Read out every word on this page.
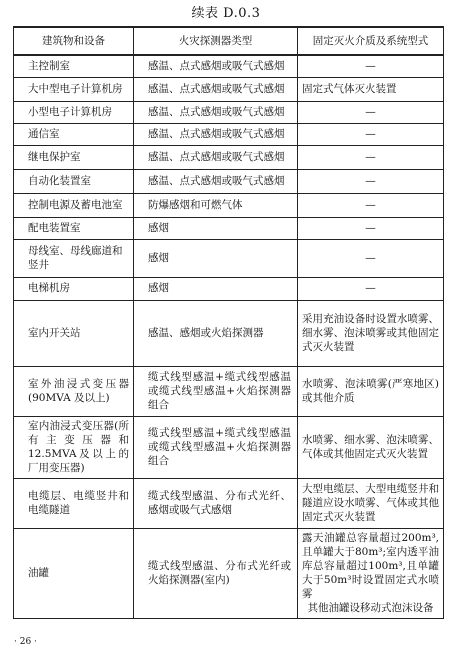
续表 D.0.3
建筑物和设备	火灾探测器类型	固定灭火介质及系统型式
主控制室	感温、点式感烟或吸气式感烟	—
大中型电子计算机房	感温、点式感烟或吸气式感烟	固定式气体灭火装置
小型电子计算机房	感温、点式感烟或吸气式感烟	—
通信室	感温、点式感烟或吸气式感烟	—
继电保护室	感温、点式感烟或吸气式感烟	—
自动化装置室	感温、点式感烟或吸气式感烟	—
控制电源及蓄电池室	防爆感烟和可燃气体	—
配电装置室	感烟	—
母线室、母线廊道和竖井	感烟	—
电梯机房	感烟	—
室内开关站	感温、感烟或火焰探测器	采用充油设备时设置水喷雾、细水雾、泡沫喷雾或其他固定式灭火装置
室外油浸式变压器(90MVA 及以上)	缆式线型感温+缆式线型感温或缆式线型感温+火焰探测器组合	水喷雾、泡沫喷雾(严寒地区)或其他介质
室内油浸式变压器(所有主变压器和12.5MVA及以上的厂用变压器)	缆式线型感温+缆式线型感温或缆式线型感温+火焰探测器组合	水喷雾、细水雾、泡沫喷雾、气体或其他固定式灭火装置
电缆层、电缆竖井和电缆隧道	缆式线型感温、分布式光纤、感烟或吸气式感烟	大型电缆层、大型电缆竖井和隧道应设水喷雾、气体或其他固定式灭火装置
油罐	缆式线型感温、分布式光纤或火焰探测器(室内)	露天油罐总容量超过200m³,且单罐大于80m³;室内透平油库总容量超过100m³,且单罐大于50m³时设置固定式水喷雾
其他油罐设移动式泡沫设备
· 26 ·
